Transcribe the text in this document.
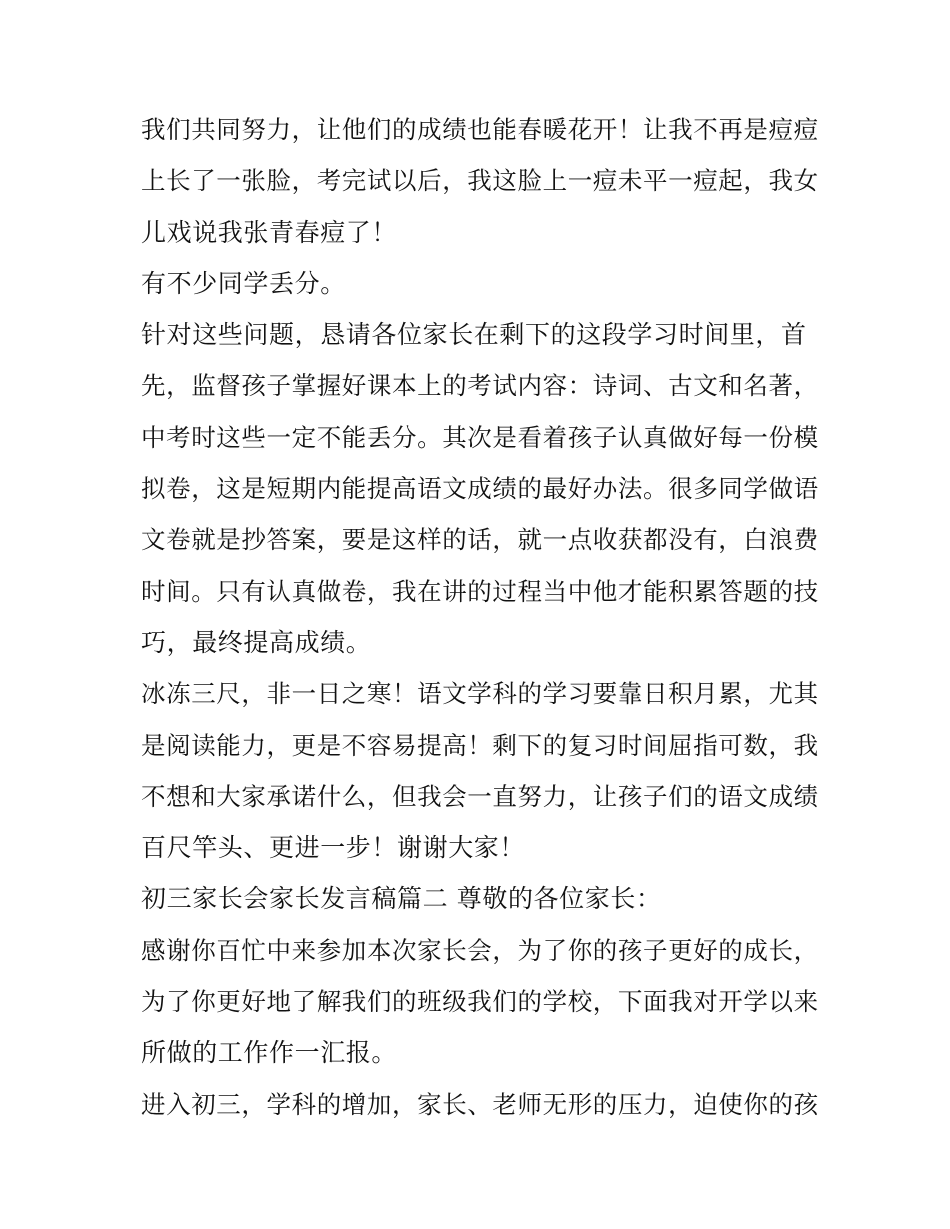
我们共同努力，让他们的成绩也能春暖花开！让我不再是痘痘
上长了一张脸，考完试以后，我这脸上一痘未平一痘起，我女
儿戏说我张青春痘了！
有不少同学丢分。
针对这些问题，恳请各位家长在剩下的这段学习时间里，首
先，监督孩子掌握好课本上的考试内容：诗词、古文和名著，
中考时这些一定不能丢分。其次是看着孩子认真做好每一份模
拟卷，这是短期内能提高语文成绩的最好办法。很多同学做语
文卷就是抄答案，要是这样的话，就一点收获都没有，白浪费
时间。只有认真做卷，我在讲的过程当中他才能积累答题的技
巧，最终提高成绩。
冰冻三尺，非一日之寒！语文学科的学习要靠日积月累，尤其
是阅读能力，更是不容易提高！剩下的复习时间屈指可数，我
不想和大家承诺什么，但我会一直努力，让孩子们的语文成绩
百尺竿头、更进一步！谢谢大家！
初三家长会家长发言稿篇二 尊敬的各位家长：
感谢你百忙中来参加本次家长会，为了你的孩子更好的成长，
为了你更好地了解我们的班级我们的学校，下面我对开学以来
所做的工作作一汇报。
进入初三，学科的增加，家长、老师无形的压力，迫使你的孩
